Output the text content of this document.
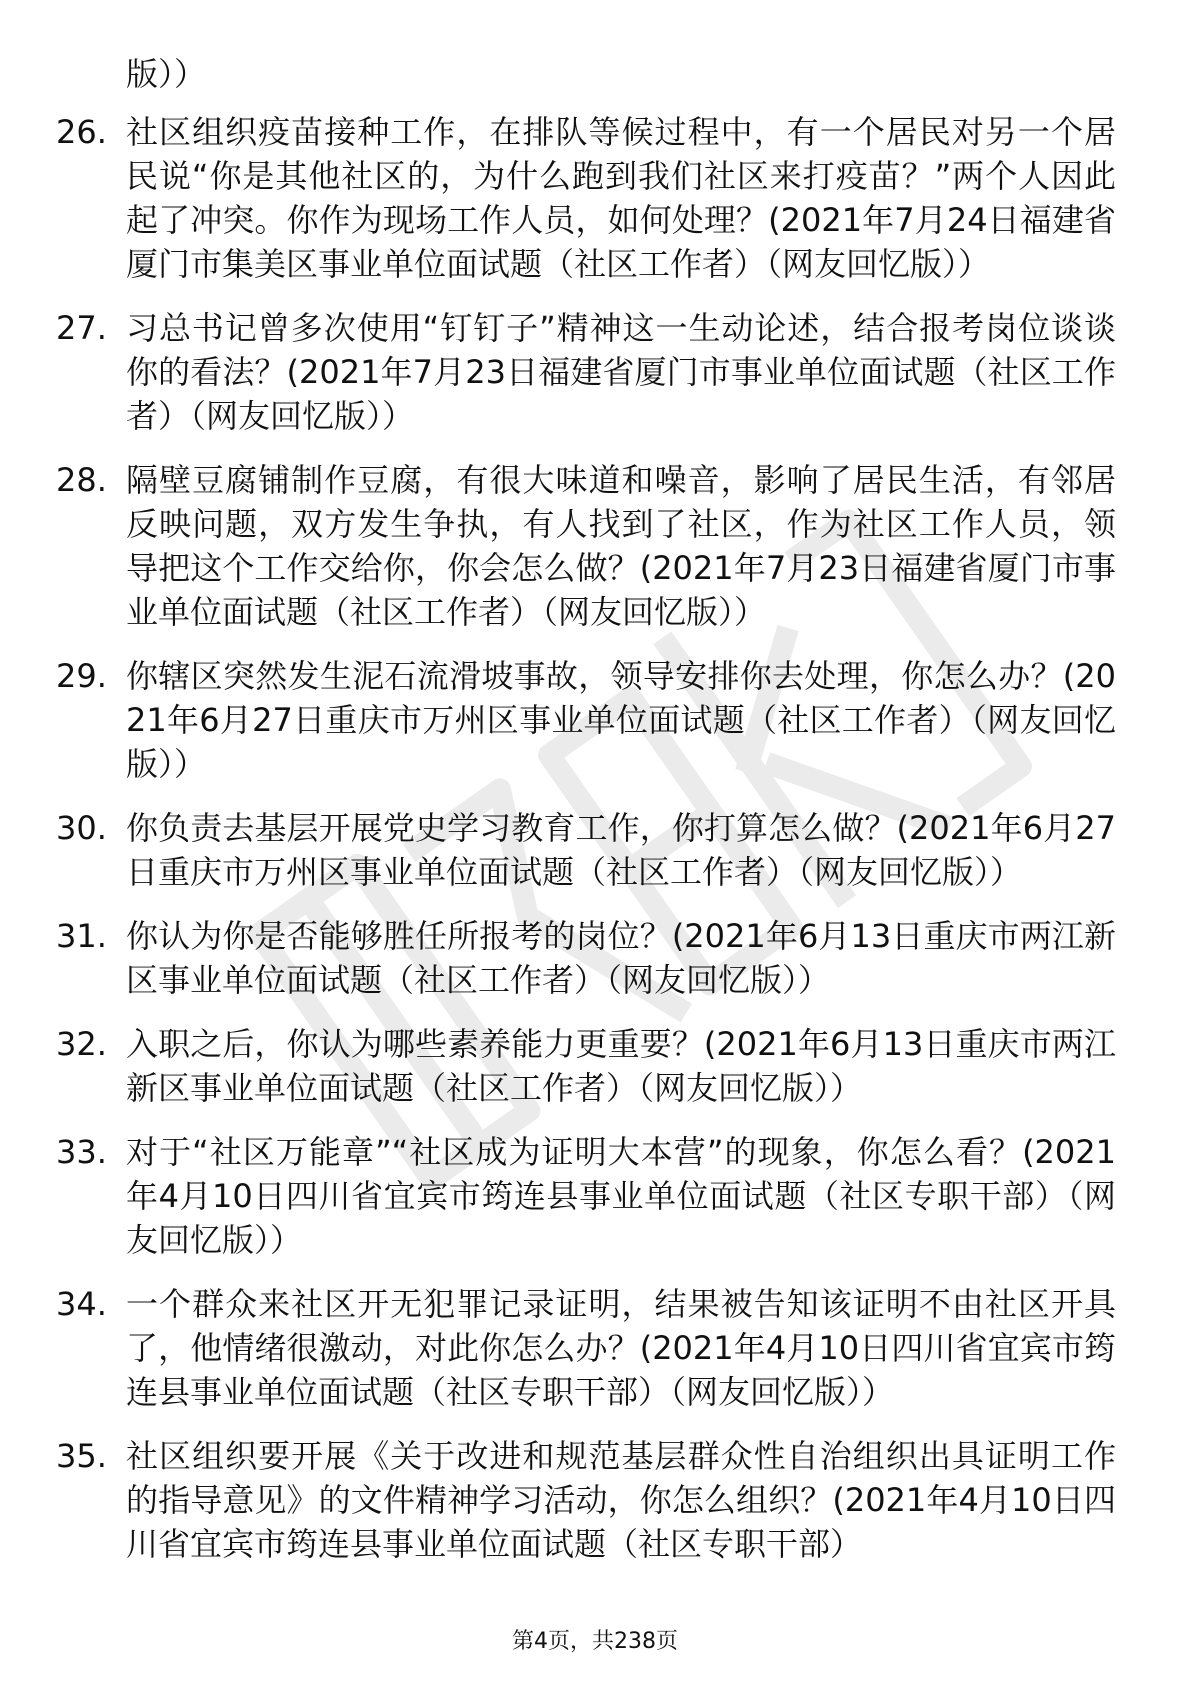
版））

26. 社区组织疫苗接种工作，在排队等候过程中，有一个居民对另一个居民说“你是其他社区的，为什么跑到我们社区来打疫苗？”两个人因此起了冲突。你作为现场工作人员，如何处理？(2021年7月24日福建省厦门市集美区事业单位面试题（社区工作者）（网友回忆版））

27. 习总书记曾多次使用“钉钉子”精神这一生动论述，结合报考岗位谈谈你的看法？(2021年7月23日福建省厦门市事业单位面试题（社区工作者）（网友回忆版））

28. 隔壁豆腐铺制作豆腐，有很大味道和噪音，影响了居民生活，有邻居反映问题，双方发生争执，有人找到了社区，作为社区工作人员，领导把这个工作交给你，你会怎么做？(2021年7月23日福建省厦门市事业单位面试题（社区工作者）（网友回忆版））

29. 你辖区突然发生泥石流滑坡事故，领导安排你去处理，你怎么办？(2021年6月27日重庆市万州区事业单位面试题（社区工作者）（网友回忆版））

30. 你负责去基层开展党史学习教育工作，你打算怎么做？(2021年6月27日重庆市万州区事业单位面试题（社区工作者）（网友回忆版））

31. 你认为你是否能够胜任所报考的岗位？(2021年6月13日重庆市两江新区事业单位面试题（社区工作者）（网友回忆版））

32. 入职之后，你认为哪些素养能力更重要？(2021年6月13日重庆市两江新区事业单位面试题（社区工作者）（网友回忆版））

33. 对于“社区万能章”“社区成为证明大本营”的现象，你怎么看？(2021年4月10日四川省宜宾市筠连县事业单位面试题（社区专职干部）（网友回忆版））

34. 一个群众来社区开无犯罪记录证明，结果被告知该证明不由社区开具了，他情绪很激动，对此你怎么办？(2021年4月10日四川省宜宾市筠连县事业单位面试题（社区专职干部）（网友回忆版））

35. 社区组织要开展《关于改进和规范基层群众性自治组织出具证明工作的指导意见》的文件精神学习活动，你怎么组织？(2021年4月10日四川省宜宾市筠连县事业单位面试题（社区专职干部）

第4页，共238页
